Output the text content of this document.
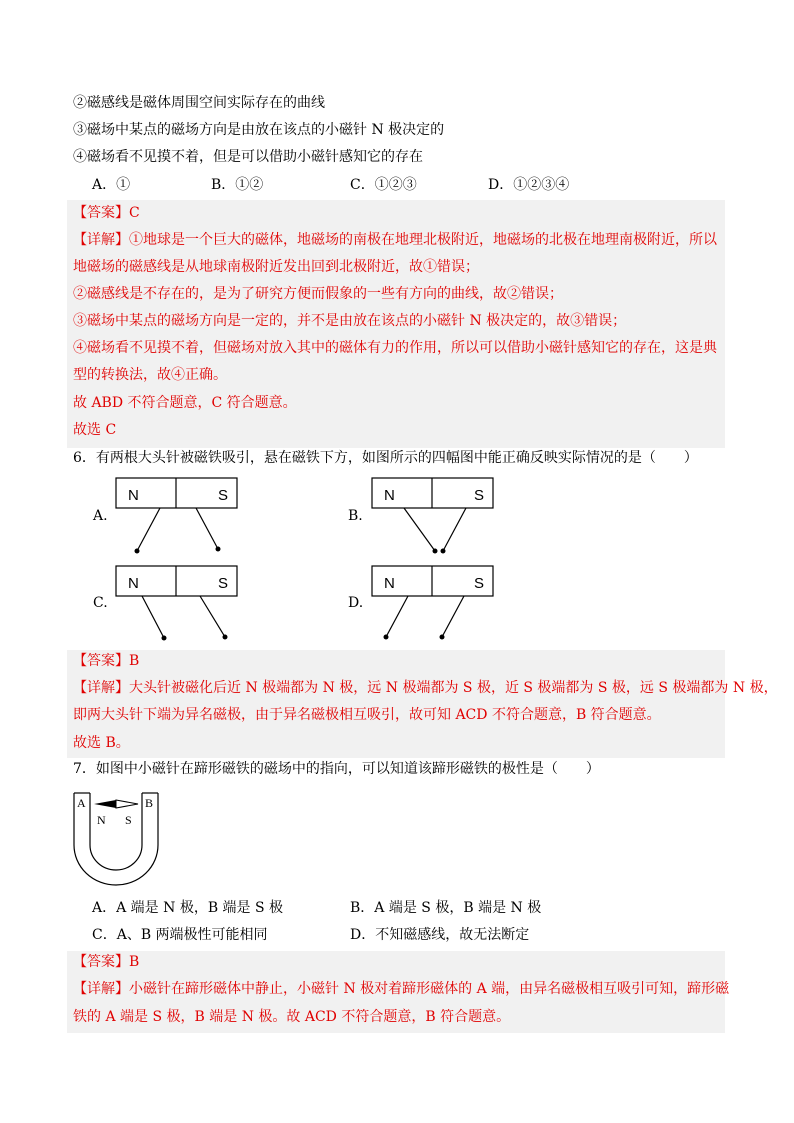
②磁感线是磁体周围空间实际存在的曲线
③磁场中某点的磁场方向是由放在该点的小磁针 N 极决定的
④磁场看不见摸不着，但是可以借助小磁针感知它的存在
A．①	B．①②	C．①②③	D．①②③④
【答案】C
【详解】①地球是一个巨大的磁体，地磁场的南极在地理北极附近，地磁场的北极在地理南极附近，所以
地磁场的磁感线是从地球南极附近发出回到北极附近，故①错误；
②磁感线是不存在的，是为了研究方便而假象的一些有方向的曲线，故②错误；
③磁场中某点的磁场方向是一定的，并不是由放在该点的小磁针 N 极决定的，故③错误；
④磁场看不见摸不着，但磁场对放入其中的磁体有力的作用，所以可以借助小磁针感知它的存在，这是典
型的转换法，故④正确。
故 ABD 不符合题意，C 符合题意。
故选 C
6．有两根大头针被磁铁吸引，悬在磁铁下方，如图所示的四幅图中能正确反映实际情况的是（　　）
A.	B.
C.	D.
N	S	N	S
N	S	N	S
【答案】B
【详解】大头针被磁化后近 N 极端都为 N 极，远 N 极端都为 S 极，近 S 极端都为 S 极，远 S 极端都为 N 极，
即两大头针下端为异名磁极，由于异名磁极相互吸引，故可知 ACD 不符合题意，B 符合题意。
故选 B。
7．如图中小磁针在蹄形磁铁的磁场中的指向，可以知道该蹄形磁铁的极性是（　　）
A	B
N S
A．A 端是 N 极，B 端是 S 极	B．A 端是 S 极，B 端是 N 极
C．A、B 两端极性可能相同	D．不知磁感线，故无法断定
【答案】B
【详解】小磁针在蹄形磁体中静止，小磁针 N 极对着蹄形磁体的 A 端，由异名磁极相互吸引可知，蹄形磁
铁的 A 端是 S 极，B 端是 N 极。故 ACD 不符合题意，B 符合题意。
